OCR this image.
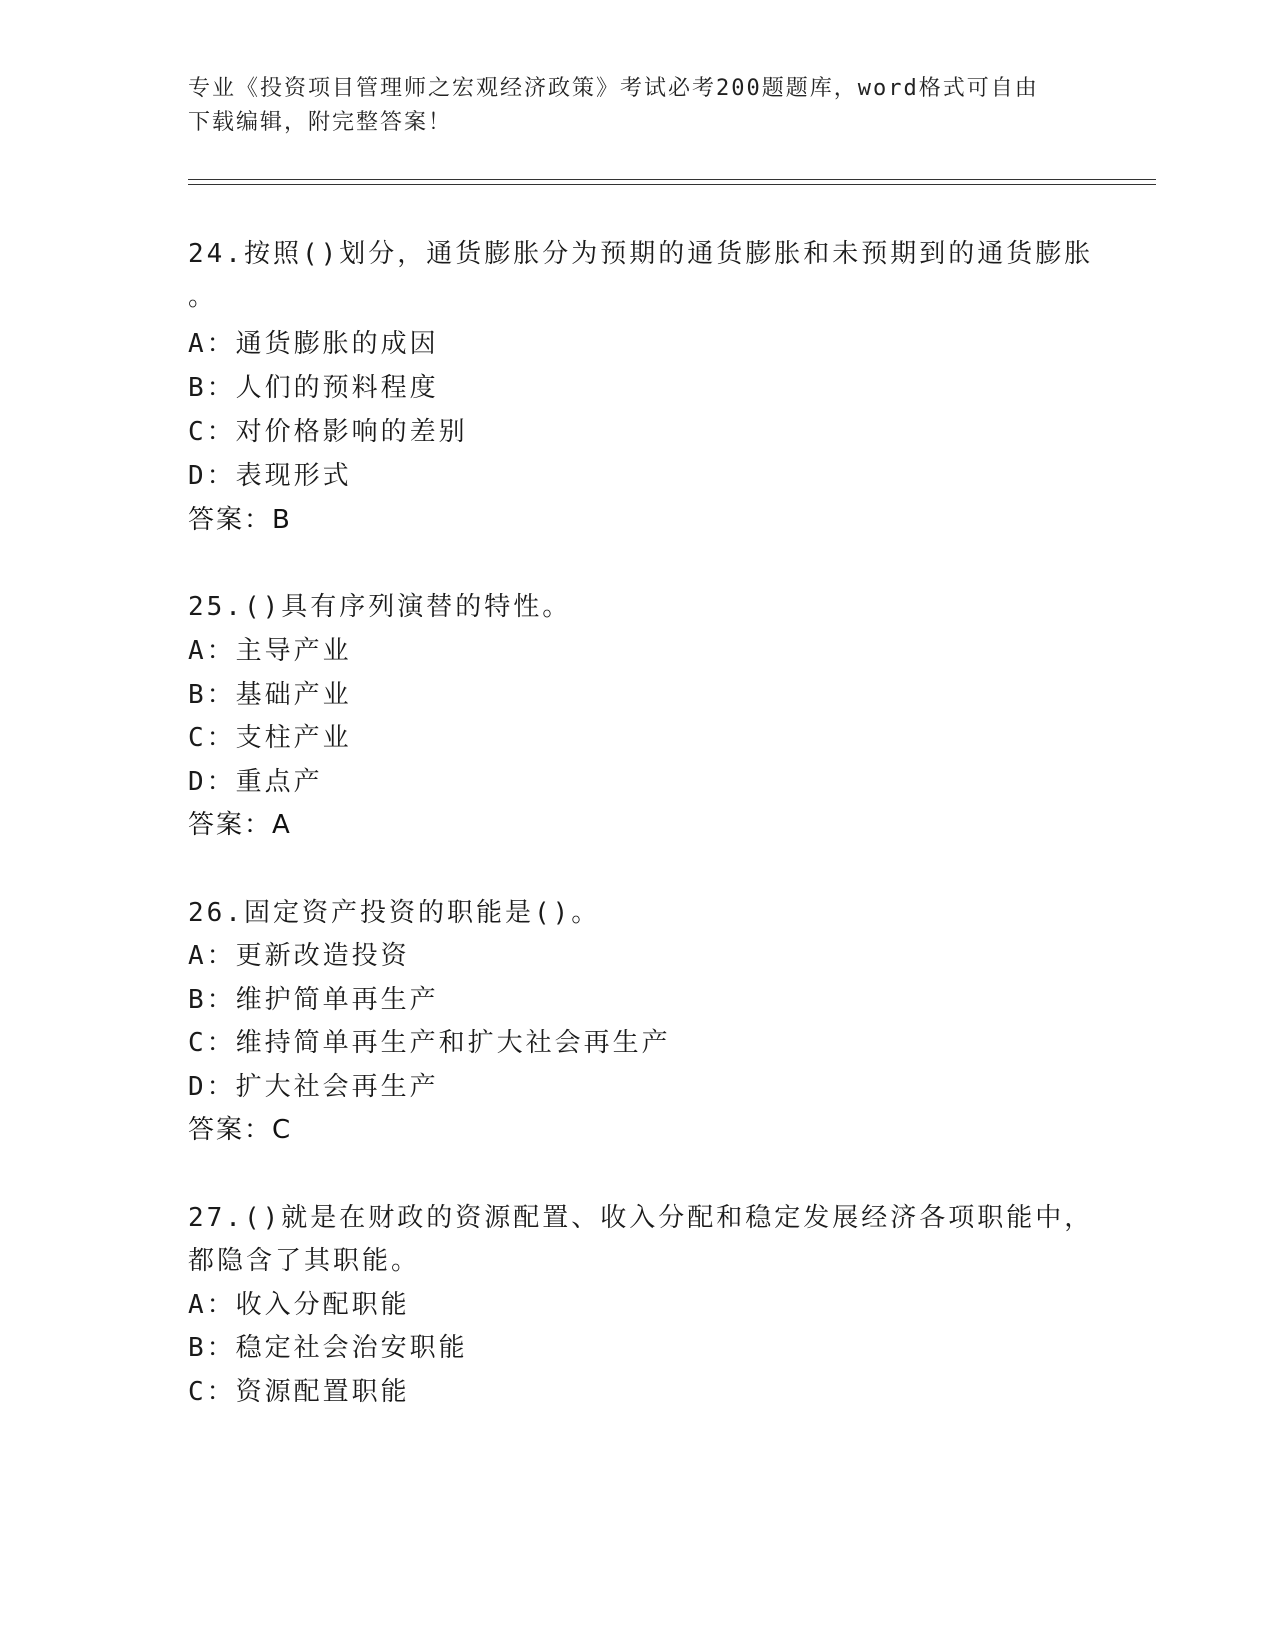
专业《投资项目管理师之宏观经济政策》考试必考200题题库，word格式可自由
下载编辑，附完整答案！
24.按照()划分，通货膨胀分为预期的通货膨胀和未预期到的通货膨胀
。
A：通货膨胀的成因
B：人们的预料程度
C：对价格影响的差别
D：表现形式
答案：B
25.()具有序列演替的特性。
A：主导产业
B：基础产业
C：支柱产业
D：重点产
答案：A
26.固定资产投资的职能是()。
A：更新改造投资
B：维护简单再生产
C：维持简单再生产和扩大社会再生产
D：扩大社会再生产
答案：C
27.()就是在财政的资源配置、收入分配和稳定发展经济各项职能中，
都隐含了其职能。
A：收入分配职能
B：稳定社会治安职能
C：资源配置职能
